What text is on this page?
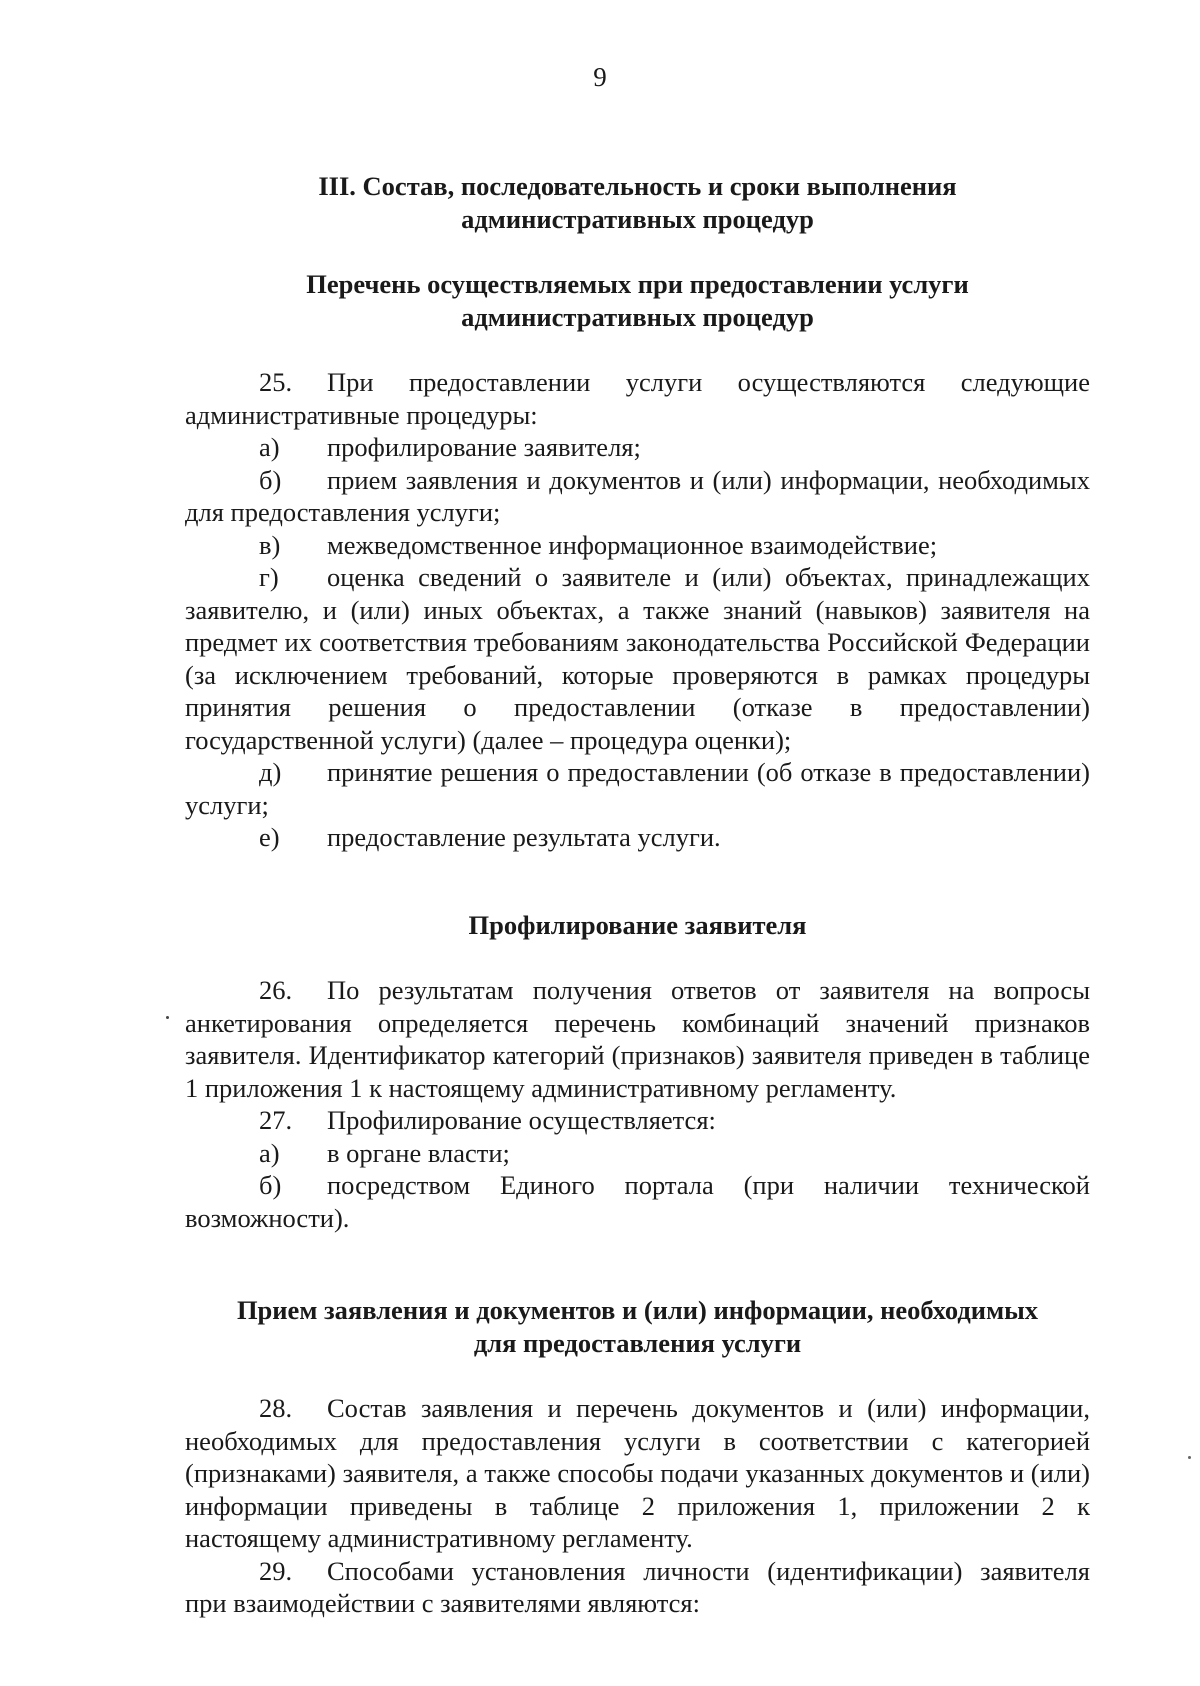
9
III. Состав, последовательность и сроки выполнения
административных процедур
Перечень осуществляемых при предоставлении услуги
административных процедур

25. При предоставлении услуги осуществляются следующие административные процедуры:

а) профилирование заявителя;

б) прием заявления и документов и (или) информации, необходимых для предоставления услуги;

в) межведомственное информационное взаимодействие;

г) оценка сведений о заявителе и (или) объектах, принадлежащих заявителю, и (или) иных объектах, а также знаний (навыков) заявителя на предмет их соответствия требованиям законодательства Российской Федерации (за исключением требований, которые проверяются в рамках процедуры принятия решения о предоставлении (отказе в предоставлении) государственной услуги) (далее – процедура оценки);

д) принятие решения о предоставлении (об отказе в предоставлении) услуги;

е) предоставление результата услуги.

Профилирование заявителя

26. По результатам получения ответов от заявителя на вопросы анкетирования определяется перечень комбинаций значений признаков заявителя. Идентификатор категорий (признаков) заявителя приведен в таблице 1 приложения 1 к настоящему административному регламенту.

27. Профилирование осуществляется:

а) в органе власти;

б) посредством Единого портала (при наличии технической возможности).

Прием заявления и документов и (или) информации, необходимых
для предоставления услуги

28. Состав заявления и перечень документов и (или) информации, необходимых для предоставления услуги в соответствии с категорией (признаками) заявителя, а также способы подачи указанных документов и (или) информации приведены в таблице 2 приложения 1, приложении 2 к настоящему административному регламенту.

29. Способами установления личности (идентификации) заявителя при взаимодействии с заявителями являются:
